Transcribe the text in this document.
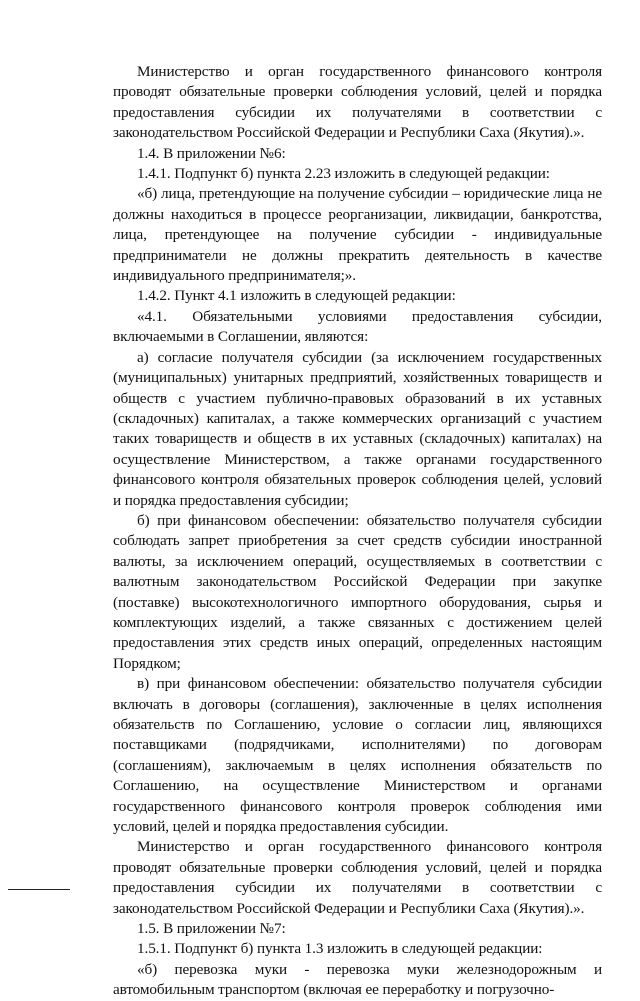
Министерство и орган государственного финансового контроля проводят обязательные проверки соблюдения условий, целей и порядка предоставления субсидии их получателями в соответствии с законодательством Российской Федерации и Республики Саха (Якутия).».

1.4. В приложении №6:

1.4.1. Подпункт б) пункта 2.23 изложить в следующей редакции:

«б) лица, претендующие на получение субсидии – юридические лица не должны находиться в процессе реорганизации, ликвидации, банкротства, лица, претендующее на получение субсидии - индивидуальные предприниматели не должны прекратить деятельность в качестве индивидуального предпринимателя;».

1.4.2. Пункт 4.1 изложить в следующей редакции:

«4.1. Обязательными условиями предоставления субсидии, включаемыми в Соглашении, являются:

а) согласие получателя субсидии (за исключением государственных (муниципальных) унитарных предприятий, хозяйственных товариществ и обществ с участием публично-правовых образований в их уставных (складочных) капиталах, а также коммерческих организаций с участием таких товариществ и обществ в их уставных (складочных) капиталах) на осуществление Министерством, а также органами государственного финансового контроля обязательных проверок соблюдения целей, условий и порядка предоставления субсидии;

б) при финансовом обеспечении: обязательство получателя субсидии соблюдать запрет приобретения за счет средств субсидии иностранной валюты, за исключением операций, осуществляемых в соответствии с валютным законодательством Российской Федерации при закупке (поставке) высокотехнологичного импортного оборудования, сырья и комплектующих изделий, а также связанных с достижением целей предоставления этих средств иных операций, определенных настоящим Порядком;

в) при финансовом обеспечении: обязательство получателя субсидии включать в договоры (соглашения), заключенные в целях исполнения обязательств по Соглашению, условие о согласии лиц, являющихся поставщиками (подрядчиками, исполнителями) по договорам (соглашениям), заключаемым в целях исполнения обязательств по Соглашению, на осуществление Министерством и органами государственного финансового контроля проверок соблюдения ими условий, целей и порядка предоставления субсидии.

Министерство и орган государственного финансового контроля проводят обязательные проверки соблюдения условий, целей и порядка предоставления субсидии их получателями в соответствии с законодательством Российской Федерации и Республики Саха (Якутия).».

1.5. В приложении №7:

1.5.1. Подпункт б) пункта 1.3 изложить в следующей редакции:

«б) перевозка муки - перевозка муки железнодорожным и автомобильным транспортом (включая ее переработку и погрузочно-
